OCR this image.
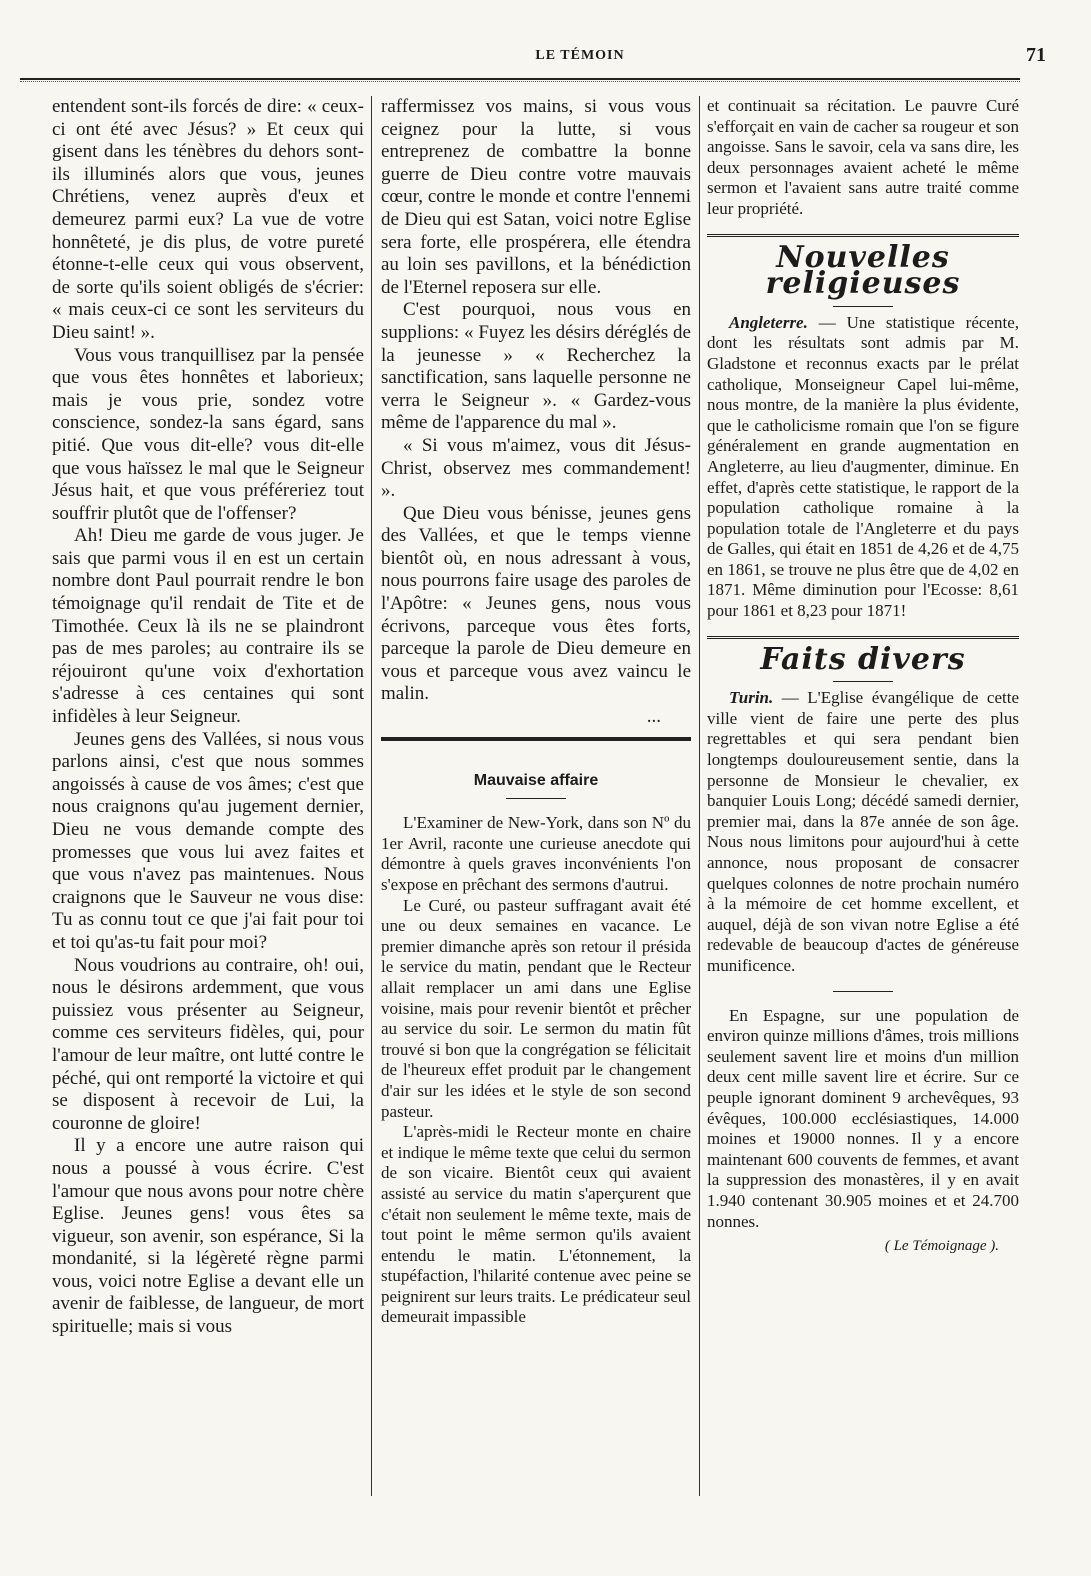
LE TÉMOIN	71

entendent sont-ils forcés de dire: « ceux-ci ont été avec Jésus? » Et ceux qui gisent dans les ténèbres du dehors sont-ils illuminés alors que vous, jeunes Chrétiens, venez auprès d'eux et demeurez parmi eux? La vue de votre honnêteté, je dis plus, de votre pureté étonne-t-elle ceux qui vous observent, de sorte qu'ils soient obligés de s'écrier: « mais ceux-ci ce sont les serviteurs du Dieu saint! ».

Vous vous tranquillisez par la pensée que vous êtes honnêtes et laborieux; mais je vous prie, sondez votre conscience, sondez-la sans égard, sans pitié. Que vous dit-elle? vous dit-elle que vous haïssez le mal que le Seigneur Jésus hait, et que vous préféreriez tout souffrir plutôt que de l'offenser?

Ah! Dieu me garde de vous juger. Je sais que parmi vous il en est un certain nombre dont Paul pourrait rendre le bon témoignage qu'il rendait de Tite et de Timothée. Ceux là ils ne se plaindront pas de mes paroles; au contraire ils se réjouiront qu'une voix d'exhortation s'adresse à ces centaines qui sont infidèles à leur Seigneur.

Jeunes gens des Vallées, si nous vous parlons ainsi, c'est que nous sommes angoissés à cause de vos âmes; c'est que nous craignons qu'au jugement dernier, Dieu ne vous demande compte des promesses que vous lui avez faites et que vous n'avez pas maintenues. Nous craignons que le Sauveur ne vous dise: Tu as connu tout ce que j'ai fait pour toi et toi qu'as-tu fait pour moi?

Nous voudrions au contraire, oh! oui, nous le désirons ardemment, que vous puissiez vous présenter au Seigneur, comme ces serviteurs fidèles, qui, pour l'amour de leur maître, ont lutté contre le péché, qui ont remporté la victoire et qui se disposent à recevoir de Lui, la couronne de gloire!

Il y a encore une autre raison qui nous a poussé à vous écrire. C'est l'amour que nous avons pour notre chère Eglise. Jeunes gens! vous êtes sa vigueur, son avenir, son espérance, Si la mondanité, si la légèreté règne parmi vous, voici notre Eglise a devant elle un avenir de faiblesse, de langueur, de mort spirituelle; mais si vous

raffermissez vos mains, si vous vous ceignez pour la lutte, si vous entreprenez de combattre la bonne guerre de Dieu contre votre mauvais cœur, contre le monde et contre l'ennemi de Dieu qui est Satan, voici notre Eglise sera forte, elle prospérera, elle étendra au loin ses pavillons, et la bénédiction de l'Eternel reposera sur elle.

C'est pourquoi, nous vous en supplions: « Fuyez les désirs déréglés de la jeunesse » « Recherchez la sanctification, sans laquelle personne ne verra le Seigneur ». « Gardez-vous même de l'apparence du mal ».

« Si vous m'aimez, vous dit Jésus-Christ, observez mes commandement! ».

Que Dieu vous bénisse, jeunes gens des Vallées, et que le temps vienne bientôt où, en nous adressant à vous, nous pourrons faire usage des paroles de l'Apôtre: « Jeunes gens, nous vous écrivons, parceque vous êtes forts, parceque la parole de Dieu demeure en vous et parceque vous avez vaincu le malin.

...
Mauvaise affaire

L'Examiner de New-York, dans son Nº du 1er Avril, raconte une curieuse anecdote qui démontre à quels graves inconvénients l'on s'expose en prêchant des sermons d'autrui.

Le Curé, ou pasteur suffragant avait été une ou deux semaines en vacance. Le premier dimanche après son retour il présida le service du matin, pendant que le Recteur allait remplacer un ami dans une Eglise voisine, mais pour revenir bientôt et prêcher au service du soir. Le sermon du matin fût trouvé si bon que la congrégation se félicitait de l'heureux effet produit par le changement d'air sur les idées et le style de son second pasteur.

L'après-midi le Recteur monte en chaire et indique le même texte que celui du sermon de son vicaire. Bientôt ceux qui avaient assisté au service du matin s'aperçurent que c'était non seulement le même texte, mais de tout point le même sermon qu'ils avaient entendu le matin. L'étonnement, la stupéfaction, l'hilarité contenue avec peine se peignirent sur leurs traits. Le prédicateur seul demeurait impassible

et continuait sa récitation. Le pauvre Curé s'efforçait en vain de cacher sa rougeur et son angoisse. Sans le savoir, cela va sans dire, les deux personnages avaient acheté le même sermon et l'avaient sans autre traité comme leur propriété.

Nouvelles religieuses

Angleterre. — Une statistique récente, dont les résultats sont admis par M. Gladstone et reconnus exacts par le prélat catholique, Monseigneur Capel lui-même, nous montre, de la manière la plus évidente, que le catholicisme romain que l'on se figure généralement en grande augmentation en Angleterre, au lieu d'augmenter, diminue. En effet, d'après cette statistique, le rapport de la population catholique romaine à la population totale de l'Angleterre et du pays de Galles, qui était en 1851 de 4,26 et de 4,75 en 1861, se trouve ne plus être que de 4,02 en 1871. Même diminution pour l'Ecosse: 8,61 pour 1861 et 8,23 pour 1871!

Faits divers

Turin. — L'Eglise évangélique de cette ville vient de faire une perte des plus regrettables et qui sera pendant bien longtemps douloureusement sentie, dans la personne de Monsieur le chevalier, ex banquier Louis Long; décédé samedi dernier, premier mai, dans la 87e année de son âge. Nous nous limitons pour aujourd'hui à cette annonce, nous proposant de consacrer quelques colonnes de notre prochain numéro à la mémoire de cet homme excellent, et auquel, déjà de son vivan notre Eglise a été redevable de beaucoup d'actes de généreuse munificence.

En Espagne, sur une population de environ quinze millions d'âmes, trois millions seulement savent lire et moins d'un million deux cent mille savent lire et écrire. Sur ce peuple ignorant dominent 9 archevêques, 93 évêques, 100.000 ecclésiastiques, 14.000 moines et 19000 nonnes. Il y a encore maintenant 600 couvents de femmes, et avant la suppression des monastères, il y en avait 1.940 contenant 30.905 moines et et 24.700 nonnes.

( Le Témoignage ).
